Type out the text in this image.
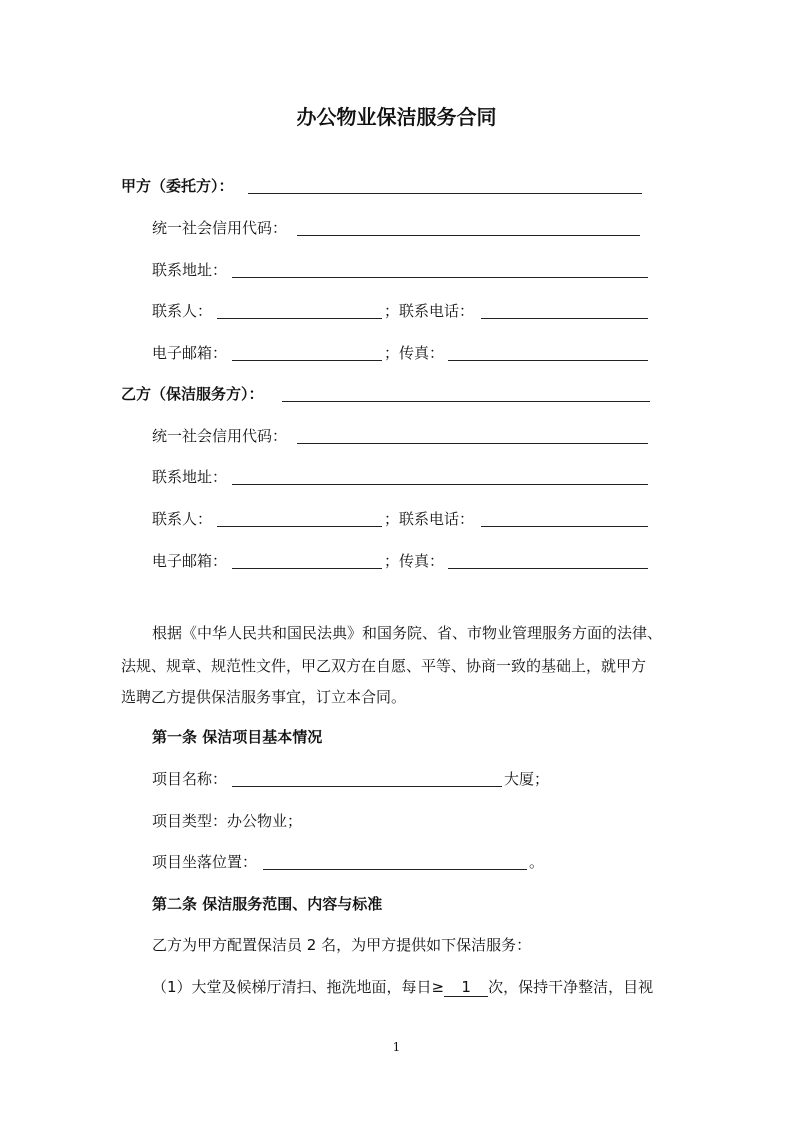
办公物业保洁服务合同
甲方（委托方）：
统一社会信用代码：
联系地址：
联系人：	；联系电话：
电子邮箱：	；传真：
乙方（保洁服务方）：
统一社会信用代码：
联系地址：
联系人：	；联系电话：
电子邮箱：	；传真：
根据《中华人民共和国民法典》和国务院、省、市物业管理服务方面的法律、
法规、规章、规范性文件，甲乙双方在自愿、平等、协商一致的基础上，就甲方
选聘乙方提供保洁服务事宜，订立本合同。
第一条 保洁项目基本情况
项目名称：	大厦；
项目类型：办公物业；
项目坐落位置：	。
第二条 保洁服务范围、内容与标准
乙方为甲方配置保洁员 2 名，为甲方提供如下保洁服务：
（1）大堂及候梯厅清扫、拖洗地面，每日≥ 1 次，保持干净整洁，目视
1
